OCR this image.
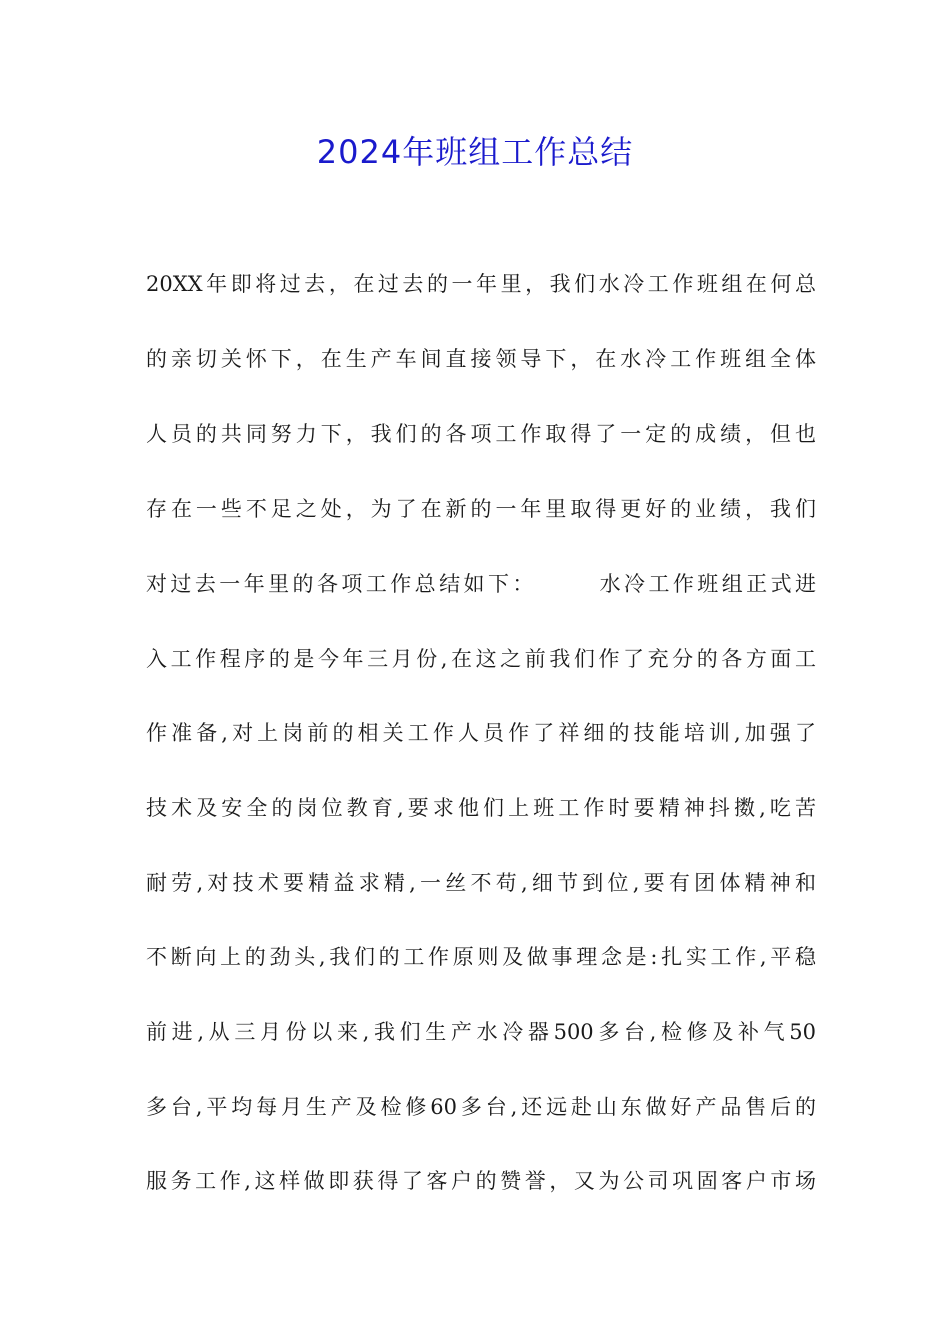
2024年班组工作总结
20XX年即将过去，在过去的一年里，我们水冷工作班组在何总
的亲切关怀下，在生产车间直接领导下，在水冷工作班组全体
人员的共同努力下，我们的各项工作取得了一定的成绩，但也
存在一些不足之处，为了在新的一年里取得更好的业绩，我们
对过去一年里的各项工作总结如下：　　　水冷工作班组正式进
入工作程序的是今年三月份,在这之前我们作了充分的各方面工
作准备,对上岗前的相关工作人员作了祥细的技能培训,加强了
技术及安全的岗位教育,要求他们上班工作时要精神抖擞,吃苦
耐劳,对技术要精益求精,一丝不苟,细节到位,要有团体精神和
不断向上的劲头,我们的工作原则及做事理念是:扎实工作,平稳
前进,从三月份以来,我们生产水冷器500多台,检修及补气50
多台,平均每月生产及检修60多台,还远赴山东做好产品售后的
服务工作,这样做即获得了客户的赞誉，又为公司巩固客户市场
